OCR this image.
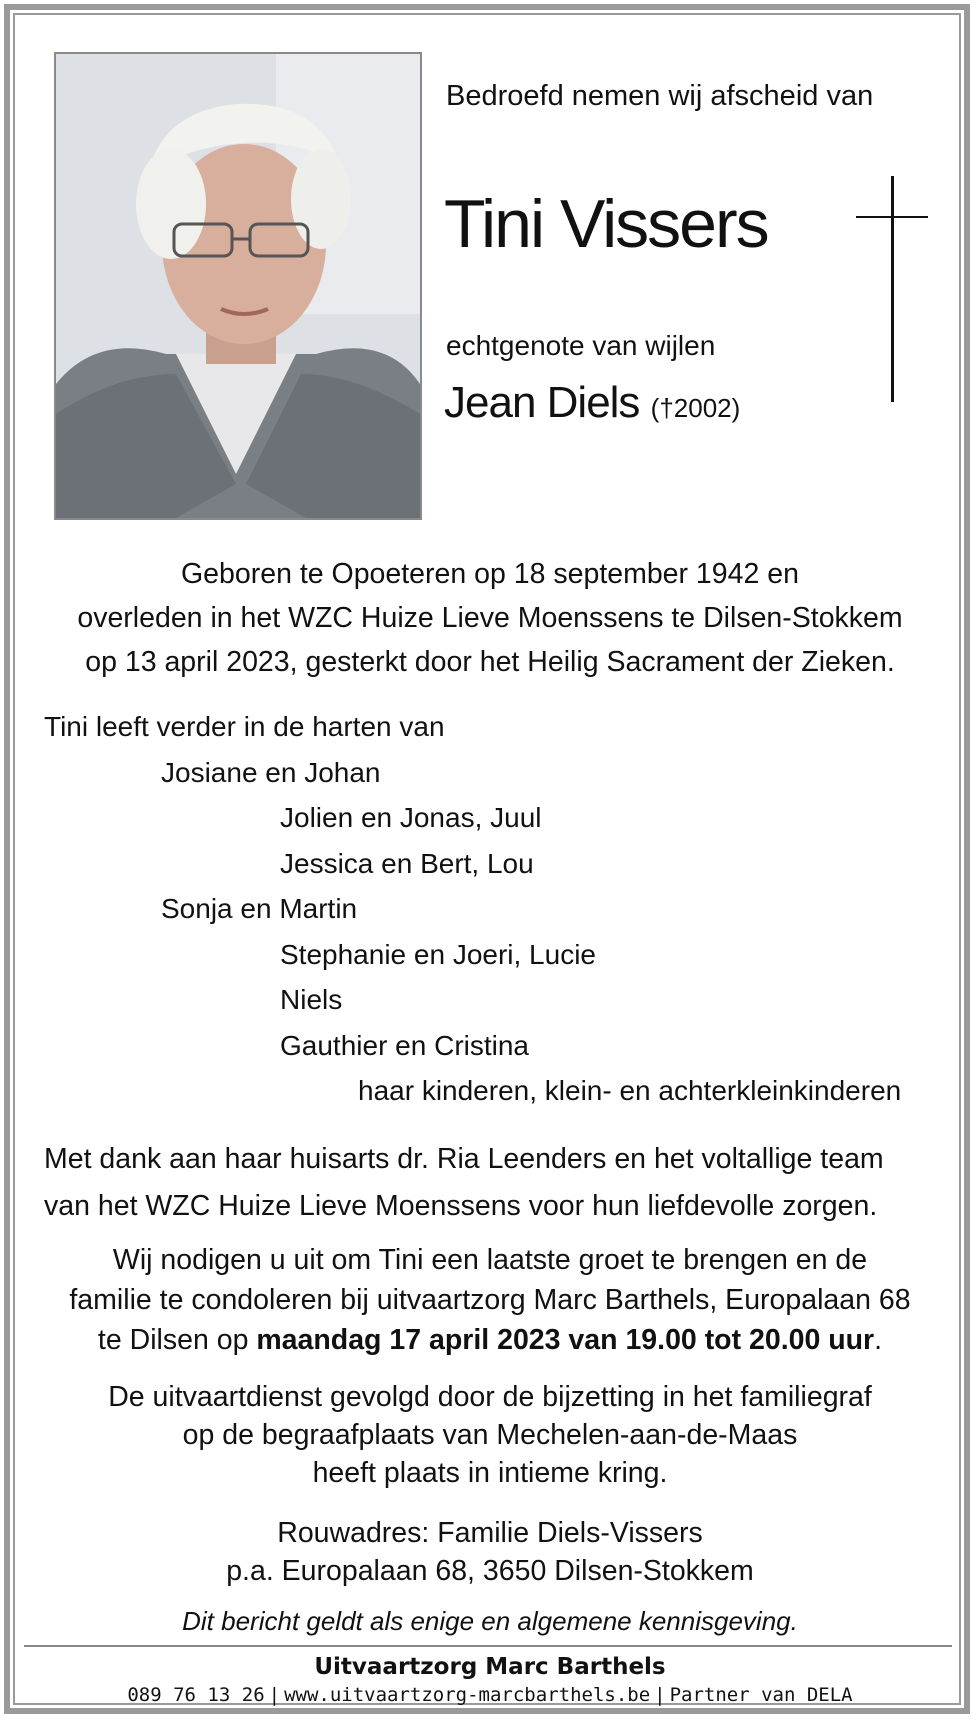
Bedroefd nemen wij afscheid van
Tini Vissers
echtgenote van wijlen
Jean Diels (†2002)
Geboren te Opoeteren op 18 september 1942 en
overleden in het WZC Huize Lieve Moenssens te Dilsen-Stokkem
op 13 april 2023, gesterkt door het Heilig Sacrament der Zieken.
Tini leeft verder in de harten van
Josiane en Johan
Jolien en Jonas, Juul
Jessica en Bert, Lou
Sonja en Martin
Stephanie en Joeri, Lucie
Niels
Gauthier en Cristina
haar kinderen, klein- en achterkleinkinderen
Met dank aan haar huisarts dr. Ria Leenders en het voltallige team
van het WZC Huize Lieve Moenssens voor hun liefdevolle zorgen.
Wij nodigen u uit om Tini een laatste groet te brengen en de
familie te condoleren bij uitvaartzorg Marc Barthels, Europalaan 68
te Dilsen op maandag 17 april 2023 van 19.00 tot 20.00 uur.
De uitvaartdienst gevolgd door de bijzetting in het familiegraf
op de begraafplaats van Mechelen-aan-de-Maas
heeft plaats in intieme kring.
Rouwadres: Familie Diels-Vissers
p.a. Europalaan 68, 3650 Dilsen-Stokkem
Dit bericht geldt als enige en algemene kennisgeving.
Uitvaartzorg Marc Barthels
089 76 13 26 | www.uitvaartzorg-marcbarthels.be | Partner van DELA
